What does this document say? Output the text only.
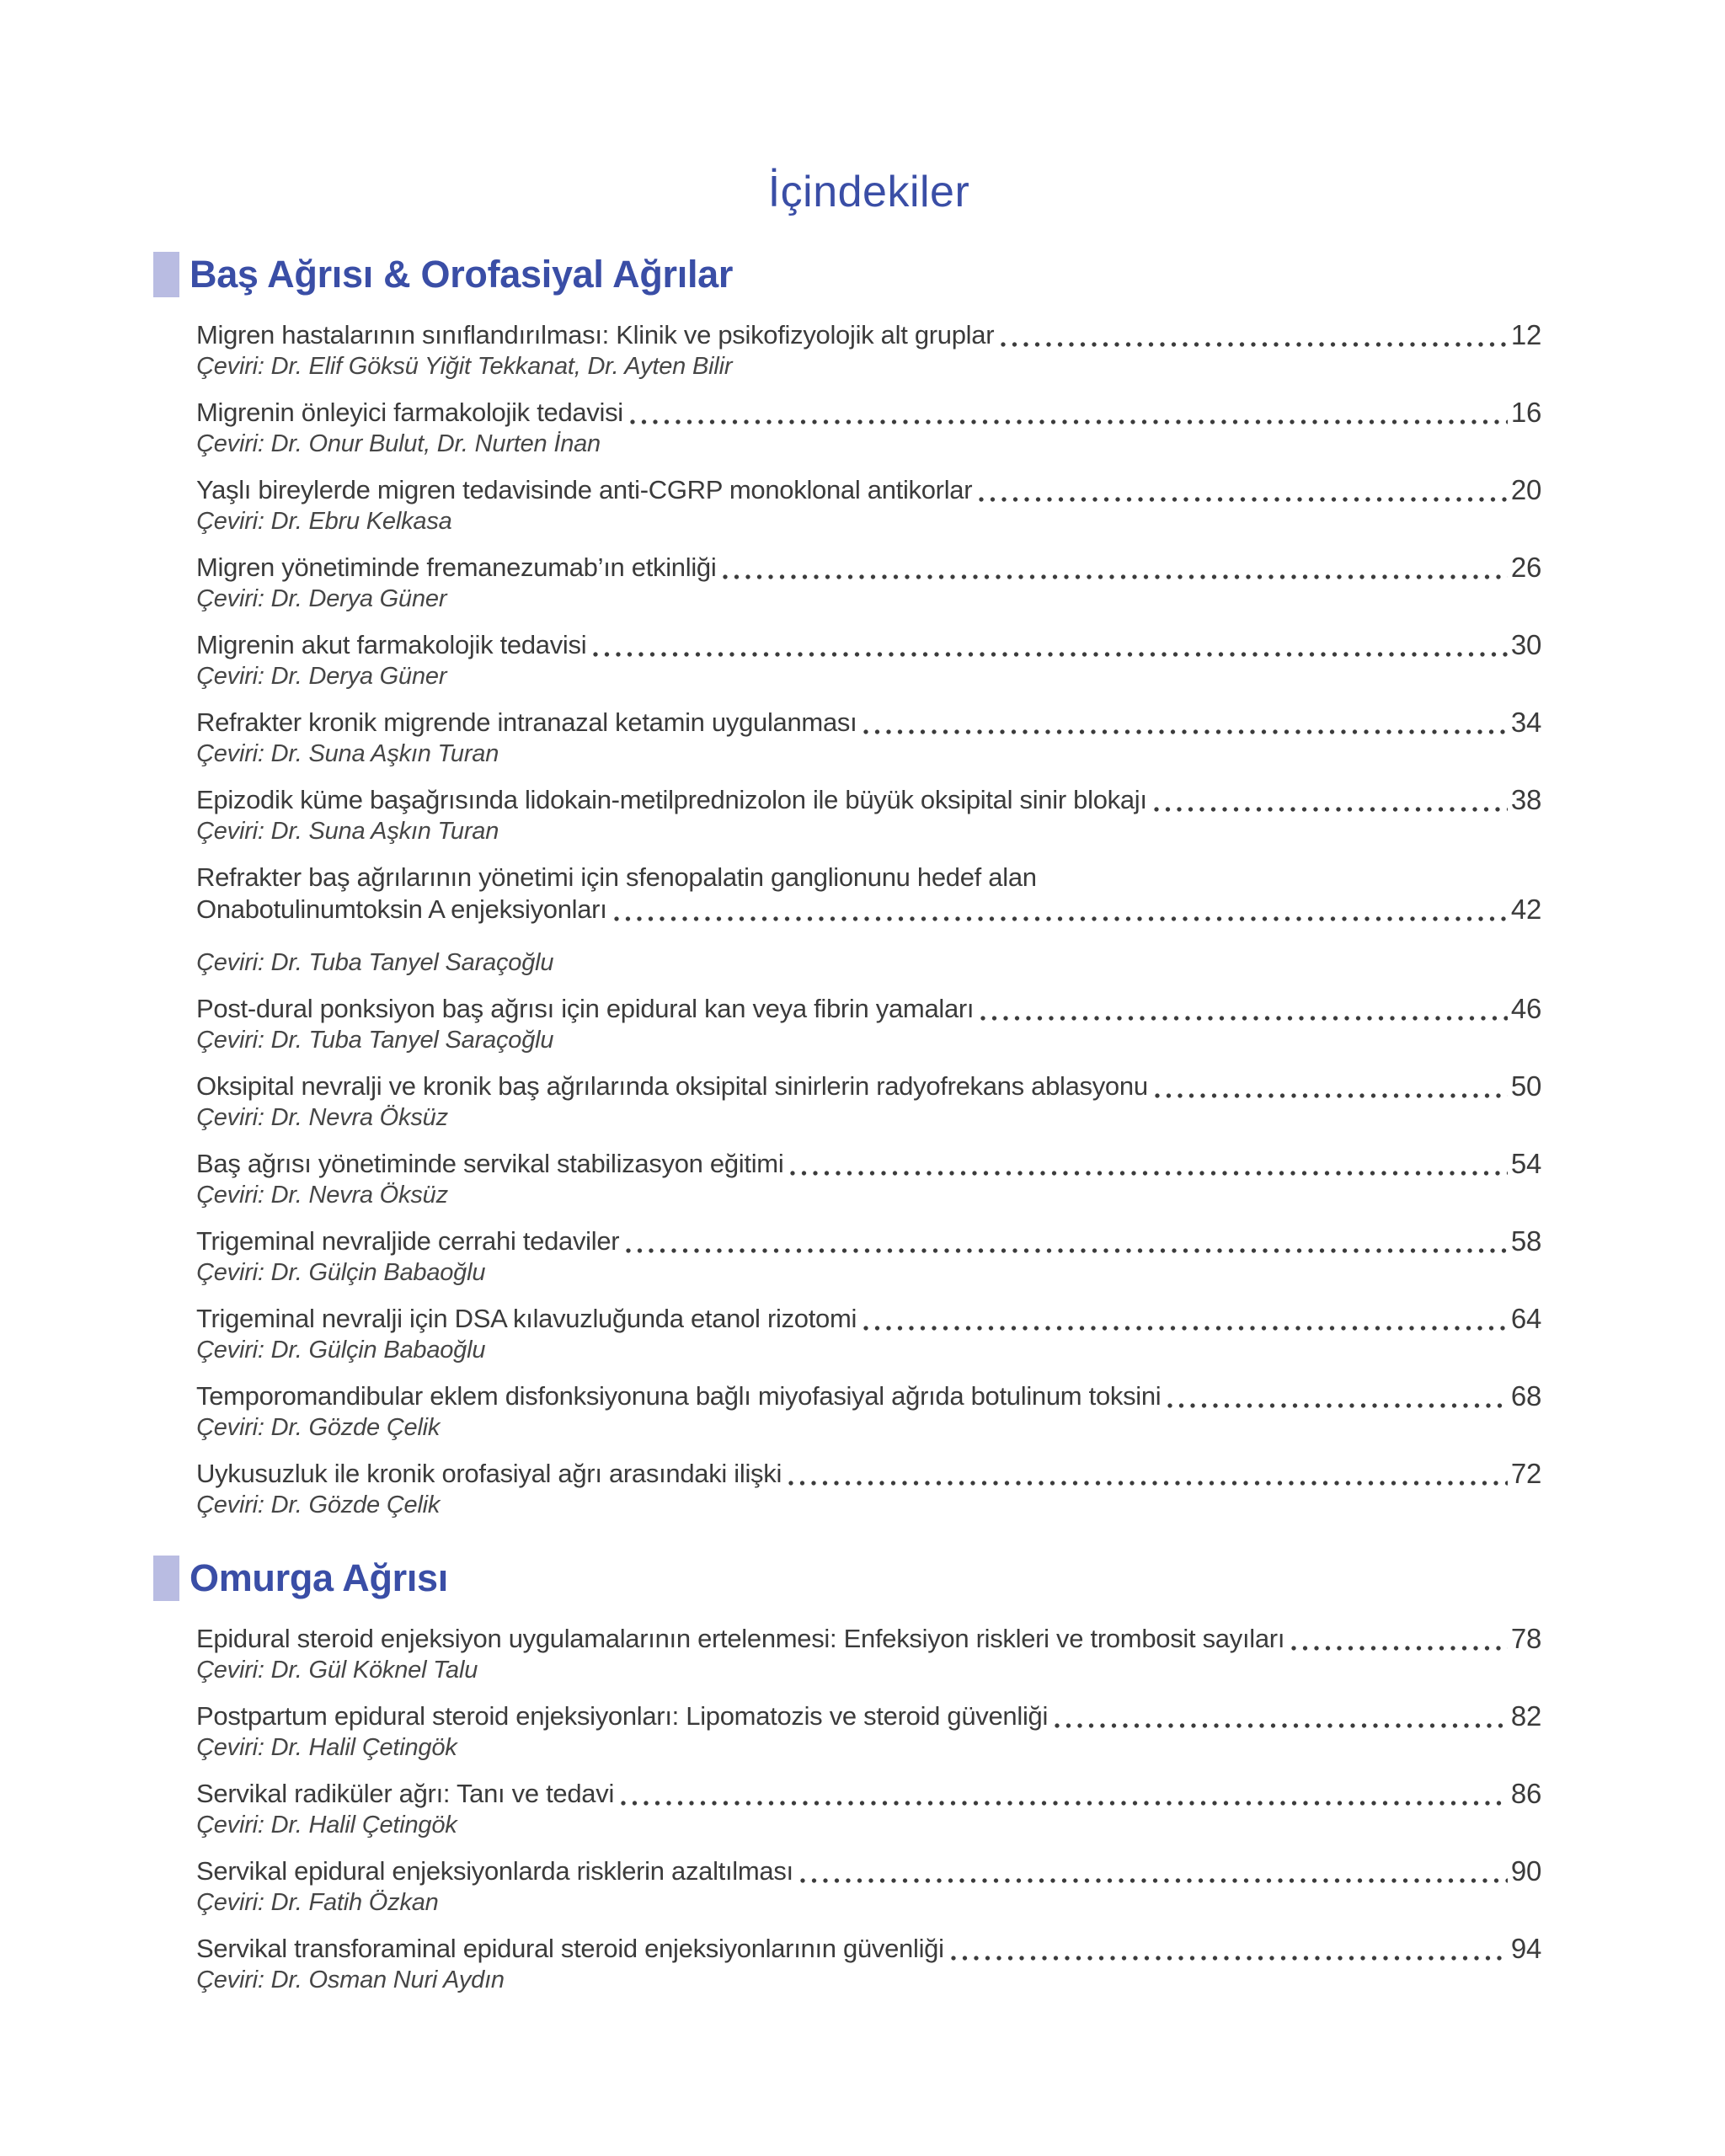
İçindekiler
Baş Ağrısı & Orofasiyal Ağrılar
Migren hastalarının sınıflandırılması: Klinik ve psikofizyolojik alt gruplar	12
Çeviri: Dr. Elif Göksü Yiğit Tekkanat, Dr. Ayten Bilir
Migrenin önleyici farmakolojik tedavisi	16
Çeviri: Dr. Onur Bulut, Dr. Nurten İnan
Yaşlı bireylerde migren tedavisinde anti-CGRP monoklonal antikorlar	20
Çeviri: Dr. Ebru Kelkasa
Migren yönetiminde fremanezumab’ın etkinliği	26
Çeviri: Dr. Derya Güner
Migrenin akut farmakolojik tedavisi	30
Çeviri: Dr. Derya Güner
Refrakter kronik migrende intranazal ketamin uygulanması	34
Çeviri: Dr. Suna Aşkın Turan
Epizodik küme başağrısında lidokain-metilprednizolon ile büyük oksipital sinir blokajı	38
Çeviri: Dr. Suna Aşkın Turan
Refrakter baş ağrılarının yönetimi için sfenopalatin ganglionunu hedef alan
Onabotulinumtoksin A enjeksiyonları	42
Çeviri: Dr. Tuba Tanyel Saraçoğlu
Post-dural ponksiyon baş ağrısı için epidural kan veya fibrin yamaları	46
Çeviri: Dr. Tuba Tanyel Saraçoğlu
Oksipital nevralji ve kronik baş ağrılarında oksipital sinirlerin radyofrekans ablasyonu	50
Çeviri: Dr. Nevra Öksüz
Baş ağrısı yönetiminde servikal stabilizasyon eğitimi	54
Çeviri: Dr. Nevra Öksüz
Trigeminal nevraljide cerrahi tedaviler	58
Çeviri: Dr. Gülçin Babaoğlu
Trigeminal nevralji için DSA kılavuzluğunda etanol rizotomi	64
Çeviri: Dr. Gülçin Babaoğlu
Temporomandibular eklem disfonksiyonuna bağlı miyofasiyal ağrıda botulinum toksini	68
Çeviri: Dr. Gözde Çelik
Uykusuzluk ile kronik orofasiyal ağrı arasındaki ilişki	72
Çeviri: Dr. Gözde Çelik
Omurga Ağrısı
Epidural steroid enjeksiyon uygulamalarının ertelenmesi: Enfeksiyon riskleri ve trombosit sayıları	78
Çeviri: Dr. Gül Köknel Talu
Postpartum epidural steroid enjeksiyonları: Lipomatozis ve steroid güvenliği	82
Çeviri: Dr. Halil Çetingök
Servikal radiküler ağrı: Tanı ve tedavi	86
Çeviri: Dr. Halil Çetingök
Servikal epidural enjeksiyonlarda risklerin azaltılması	90
Çeviri: Dr. Fatih Özkan
Servikal transforaminal epidural steroid enjeksiyonlarının güvenliği	94
Çeviri: Dr. Osman Nuri Aydın
